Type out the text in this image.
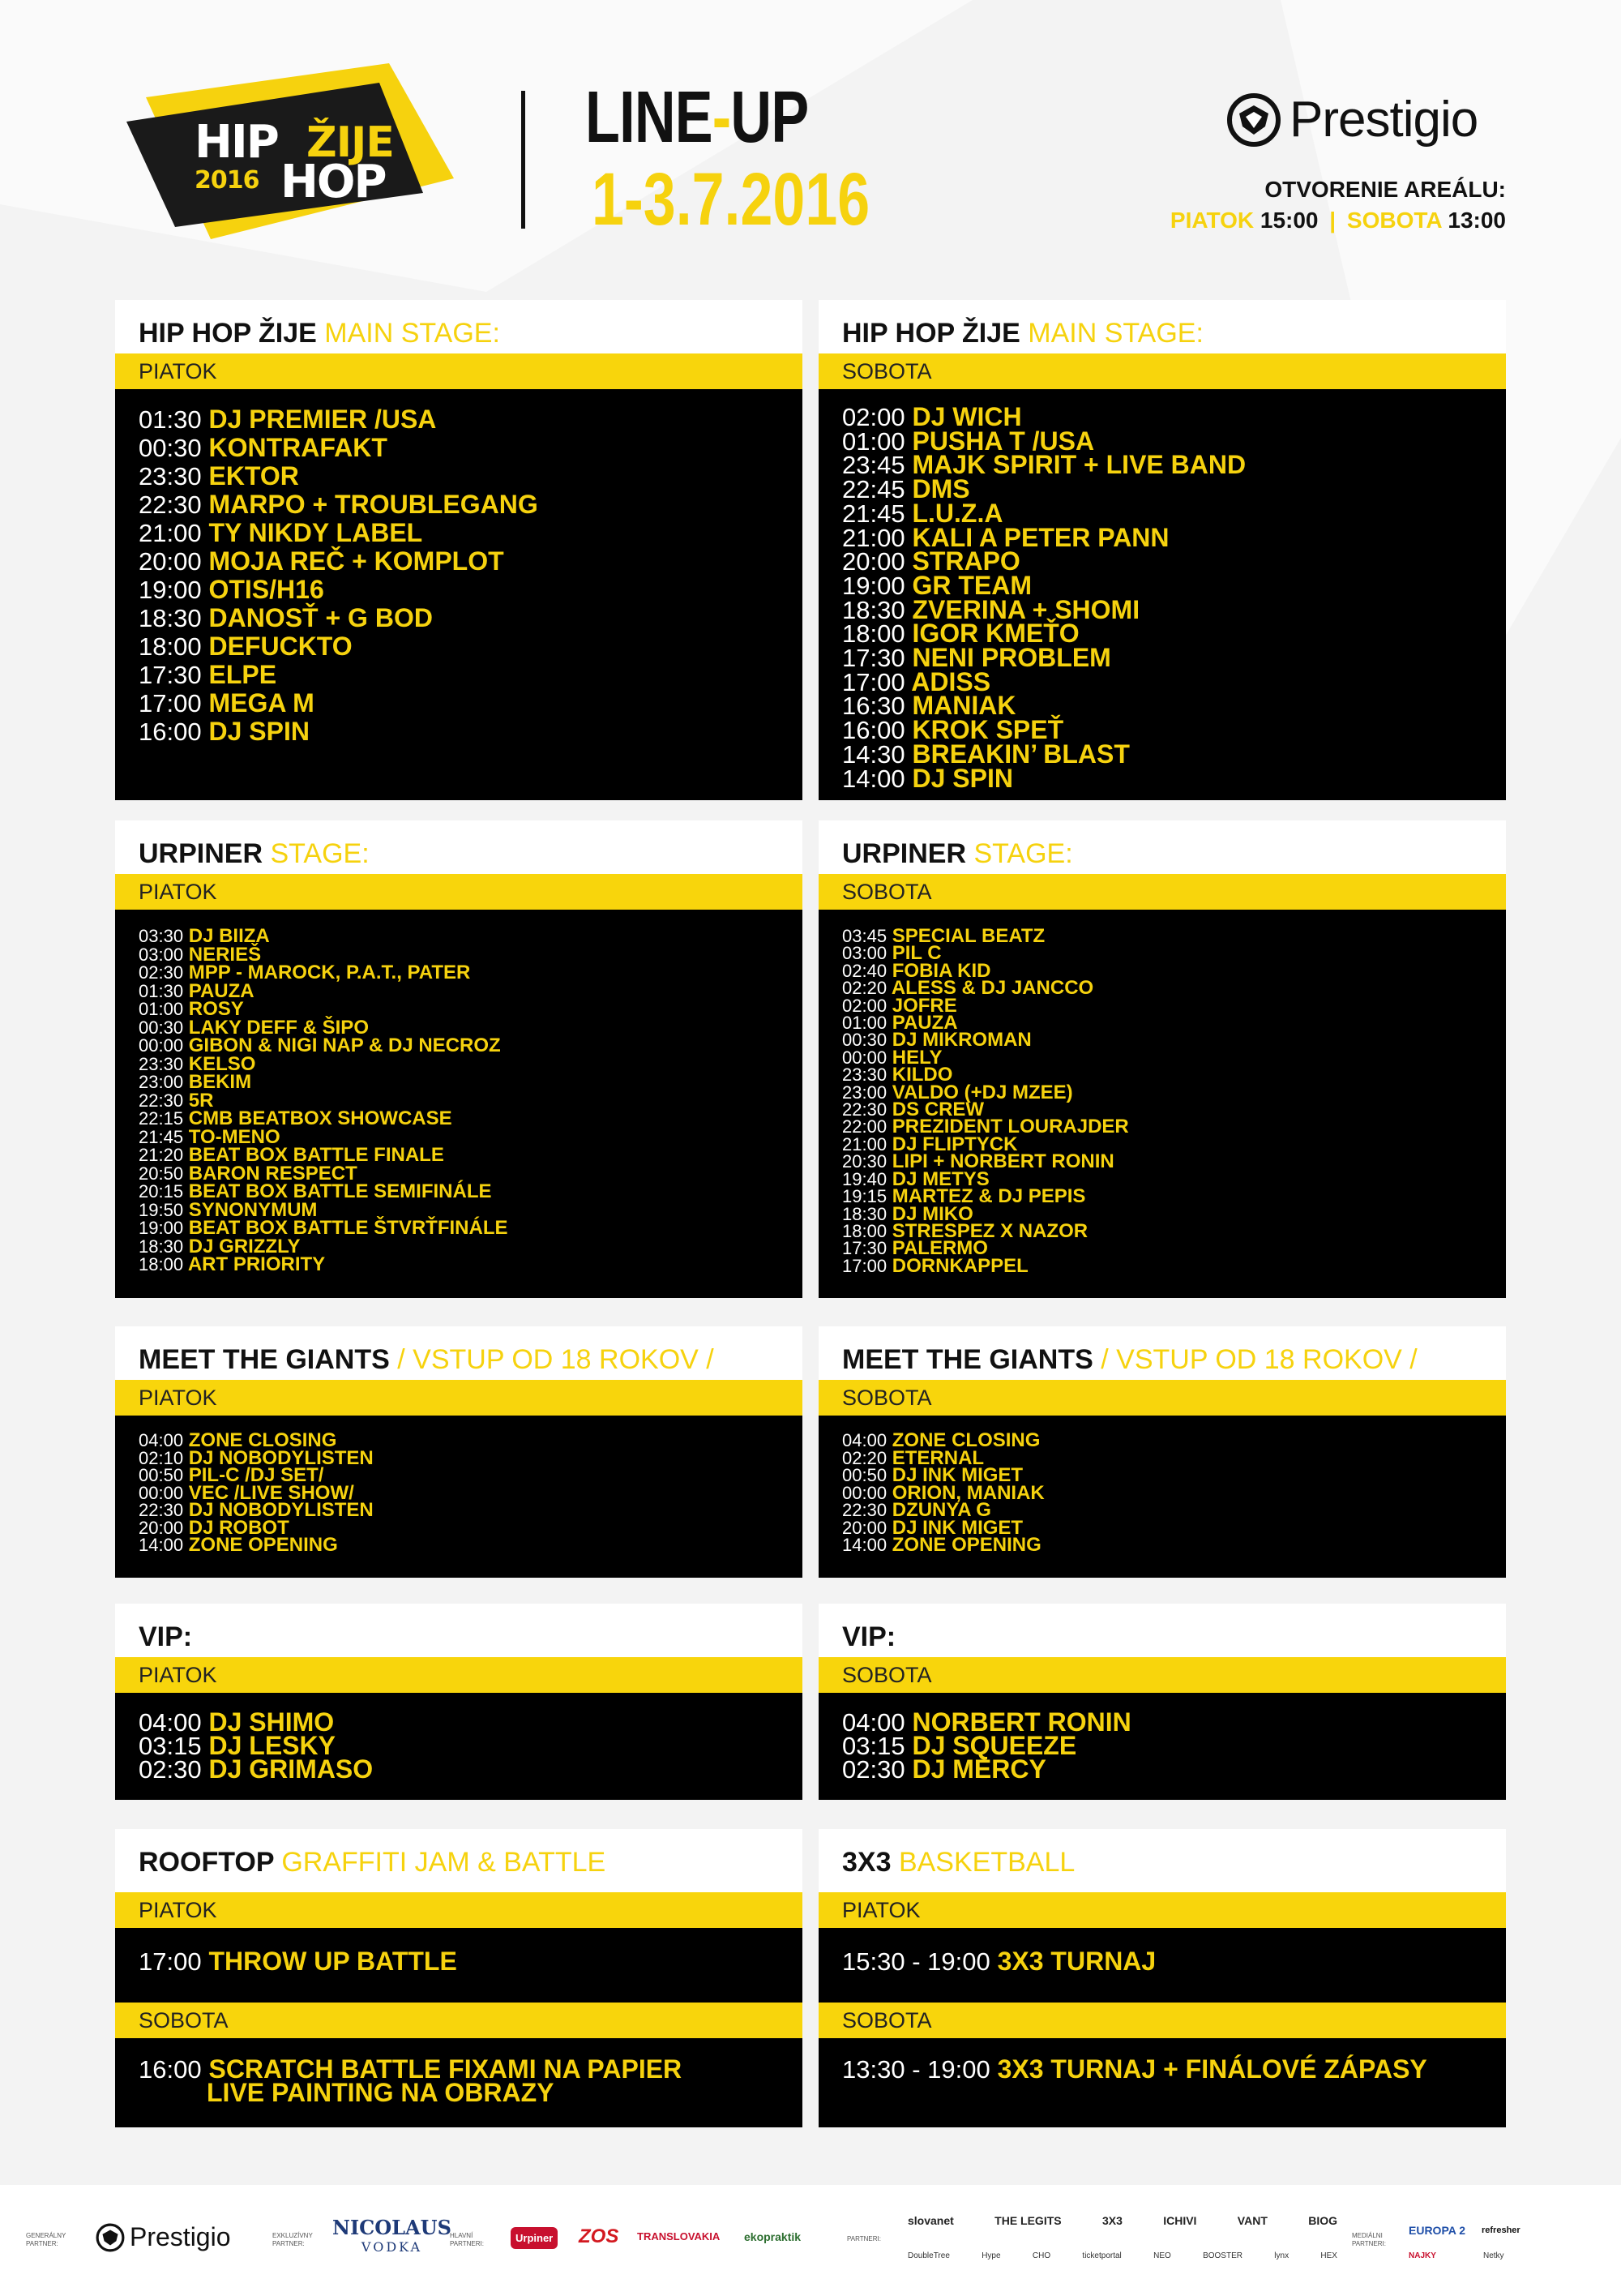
HIP ŽIJE
2016 HOP
LINE-UP
1-3.7.2016
Prestigio
OTVORENIE AREÁLU:
PIATOK 15:00 | SOBOTA 13:00
HIP HOP ŽIJE MAIN STAGE:
PIATOK
01:30 DJ PREMIER /USA
00:30 KONTRAFAKT
23:30 EKTOR
22:30 MARPO + TROUBLEGANG
21:00 TY NIKDY LABEL
20:00 MOJA REČ + KOMPLOT
19:00 OTIS/H16
18:30 DANOSŤ + G BOD
18:00 DEFUCKTO
17:30 ELPE
17:00 MEGA M
16:00 DJ SPIN
HIP HOP ŽIJE MAIN STAGE:
SOBOTA
02:00 DJ WICH
01:00 PUSHA T /USA
23:45 MAJK SPIRIT + LIVE BAND
22:45 DMS
21:45 L.U.Z.A
21:00 KALI A PETER PANN
20:00 STRAPO
19:00 GR TEAM
18:30 ZVERINA + SHOMI
18:00 IGOR KMEŤO
17:30 NENI PROBLEM
17:00 ADISS
16:30 MANIAK
16:00 KROK SPEŤ
14:30 BREAKIN’ BLAST
14:00 DJ SPIN
URPINER STAGE:
PIATOK
03:30 DJ BIIZA
03:00 NERIEŠ
02:30 MPP - MAROCK, P.A.T., PATER
01:30 PAUZA
01:00 ROSY
00:30 LAKY DEFF & ŠIPO
00:00 GIBON & NIGI NAP & DJ NECROZ
23:30 KELSO
23:00 BEKIM
22:30 5R
22:15 CMB BEATBOX SHOWCASE
21:45 TO-MENO
21:20 BEAT BOX BATTLE FINALE
20:50 BARON RESPECT
20:15 BEAT BOX BATTLE SEMIFINÁLE
19:50 SYNONYMUM
19:00 BEAT BOX BATTLE ŠTVRŤFINÁLE
18:30 DJ GRIZZLY
18:00 ART PRIORITY
URPINER STAGE:
SOBOTA
03:45 SPECIAL BEATZ
03:00 PIL C
02:40 FOBIA KID
02:20 ALESS & DJ JANCCO
02:00 JOFRE
01:00 PAUZA
00:30 DJ MIKROMAN
00:00 HELY
23:30 KILDO
23:00 VALDO (+DJ MZEE)
22:30 DS CREW
22:00 PREZIDENT LOURAJDER
21:00 DJ FLIPTYCK
20:30 LIPI + NORBERT RONIN
19:40 DJ METYS
19:15 MARTEZ & DJ PEPIS
18:30 DJ MIKO
18:00 STRESPEZ X NAZOR
17:30 PALERMO
17:00 DORNKAPPEL
MEET THE GIANTS / VSTUP OD 18 ROKOV /
PIATOK
04:00 ZONE CLOSING
02:10 DJ NOBODYLISTEN
00:50 PIL-C /DJ SET/
00:00 VEC /LIVE SHOW/
22:30 DJ NOBODYLISTEN
20:00 DJ ROBOT
14:00 ZONE OPENING
MEET THE GIANTS / VSTUP OD 18 ROKOV /
SOBOTA
04:00 ZONE CLOSING
02:20 ETERNAL
00:50 DJ INK MIGET
00:00 ORION, MANIAK
22:30 DZUNYA G
20:00 DJ INK MIGET
14:00 ZONE OPENING
VIP:
PIATOK
04:00 DJ SHIMO
03:15 DJ LESKY
02:30 DJ GRIMASO
VIP:
SOBOTA
04:00 NORBERT RONIN
03:15 DJ SQUEEZE
02:30 DJ MERCY
ROOFTOP GRAFFITI JAM & BATTLE
PIATOK
17:00 THROW UP BATTLE
SOBOTA
16:00 SCRATCH BATTLE FIXAMI NA PAPIER
LIVE PAINTING NA OBRAZY
3X3 BASKETBALL
PIATOK
15:30 - 19:00 3X3 TURNAJ
SOBOTA
13:30 - 19:00 3X3 TURNAJ + FINÁLOVÉ ZÁPASY
GENERÁLNY
PARTNER:	Prestigio	EXKLUZÍVNY
PARTNER:
NICOLAUS
VODKA
HLAVNÍ
PARTNERI:	Urpiner ZOS TRANSLOVAKIA ekopraktik	PARTNERI:
slovanet	THE LEGITS	3X3	ICHIVI	VANT	BIOG
DoubleTree	Hype	CHO	ticketportal	NEO	BOOSTER	lynx	HEX
MEDIÁLNI
PARTNERI:
EUROPA 2 refresher
NAJKY	Netky
